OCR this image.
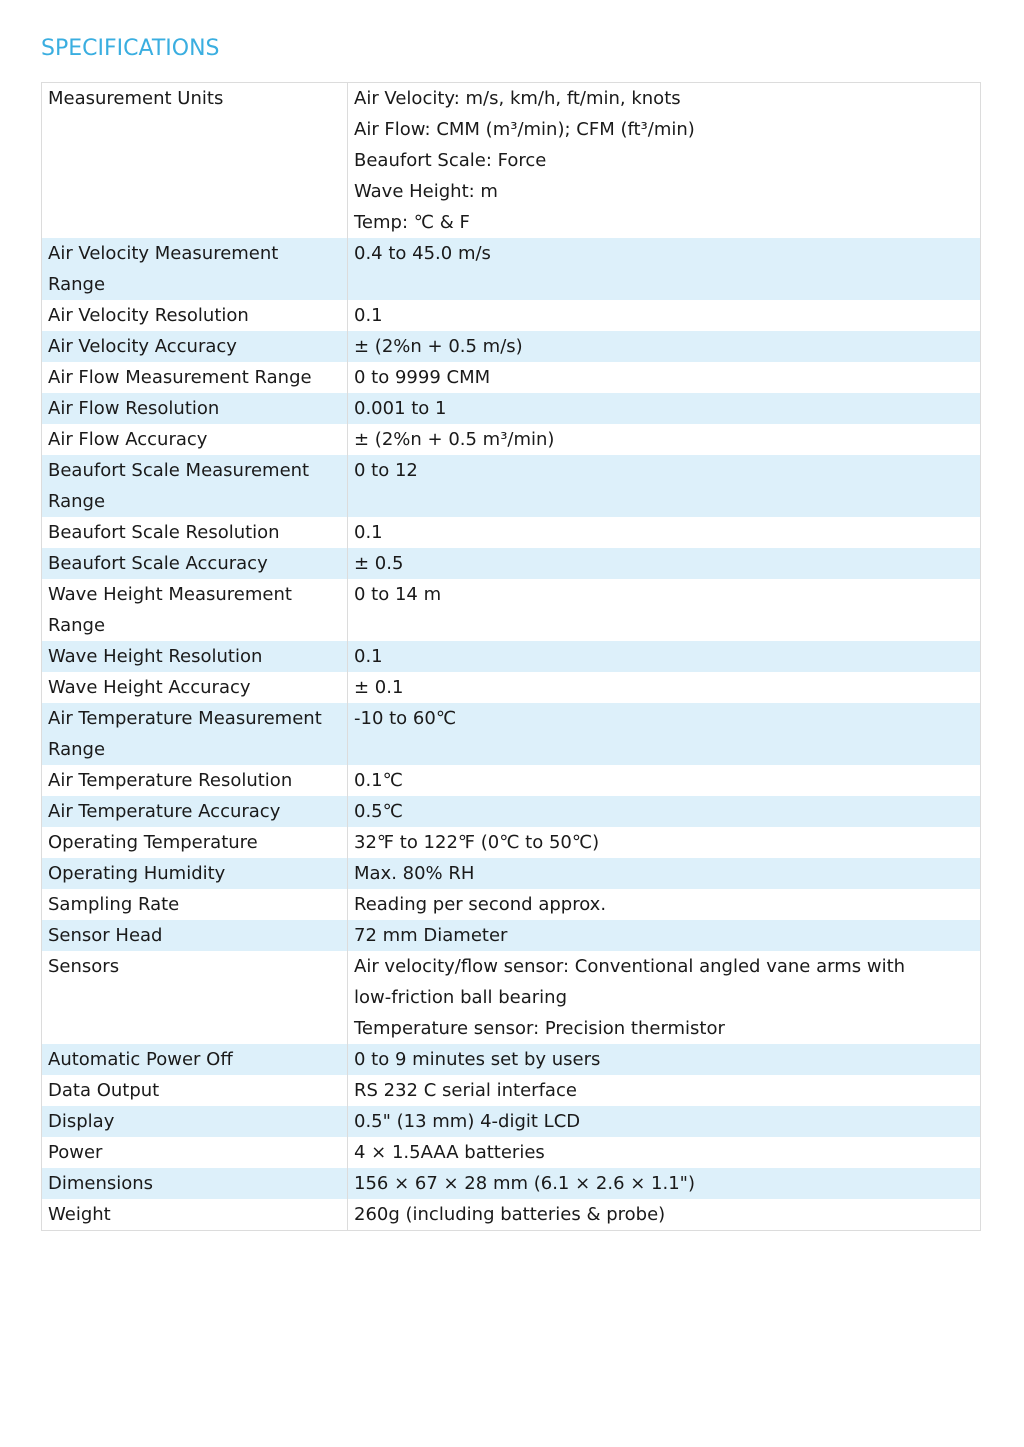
SPECIFICATIONS
Measurement Units	Air Velocity: m/s, km/h, ft/min, knots
Air Flow: CMM (m³/min); CFM (ft³/min)
Beaufort Scale: Force
Wave Height: m
Temp: ℃ & F

Air Velocity Measurement Range	0.4 to 45.0 m/s

Air Velocity Resolution	0.1

Air Velocity Accuracy	± (2%n + 0.5 m/s)

Air Flow Measurement Range	0 to 9999 CMM

Air Flow Resolution	0.001 to 1

Air Flow Accuracy	± (2%n + 0.5 m³/min)

Beaufort Scale Measurement Range	0 to 12

Beaufort Scale Resolution	0.1

Beaufort Scale Accuracy	± 0.5

Wave Height Measurement Range	0 to 14 m

Wave Height Resolution	0.1

Wave Height Accuracy	± 0.1

Air Temperature Measurement Range	-10 to 60℃

Air Temperature Resolution	0.1℃

Air Temperature Accuracy	0.5℃

Operating Temperature	32℉ to 122℉ (0℃ to 50℃)

Operating Humidity	Max. 80% RH

Sampling Rate	Reading per second approx.

Sensor Head	72 mm Diameter

Sensors	Air velocity/flow sensor: Conventional angled vane arms with
low-friction ball bearing
Temperature sensor: Precision thermistor

Automatic Power Off	0 to 9 minutes set by users

Data Output	RS 232 C serial interface

Display	0.5" (13 mm) 4-digit LCD

Power	4 × 1.5AAA batteries

Dimensions	156 × 67 × 28 mm (6.1 × 2.6 × 1.1")

Weight	260g (including batteries & probe)
